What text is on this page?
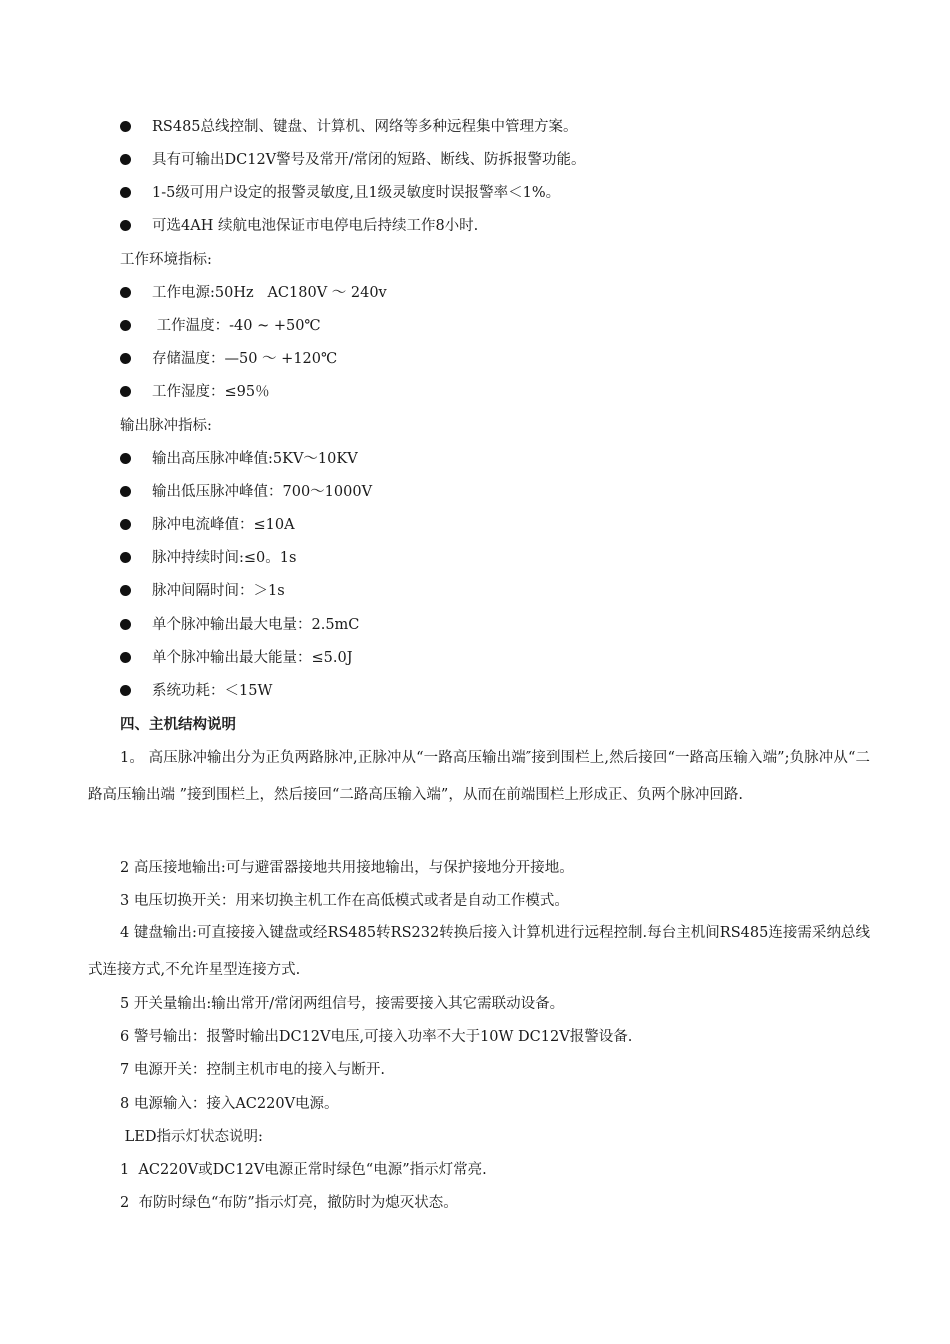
RS485总线控制、键盘、计算机、网络等多种远程集中管理方案。
具有可输出DC12V警号及常开/常闭的短路、断线、防拆报警功能。
1-5级可用户设定的报警灵敏度,且1级灵敏度时误报警率＜1%。
可选4AH 续航电池保证市电停电后持续工作8小时.
工作环境指标:
工作电源:50Hz   AC180V ～ 240v
工作温度：-40 ~ +50℃
存储温度：—50 ～ +120℃
工作湿度：≤95％
输出脉冲指标:
输出高压脉冲峰值:5KV～10KV
输出低压脉冲峰值：700～1000V
脉冲电流峰值：≤10A
脉冲持续时间:≤0。1s
脉冲间隔时间：＞1s
单个脉冲输出最大电量：2.5mC
单个脉冲输出最大能量：≤5.0J
系统功耗：＜15W
四、主机结构说明
1。 高压脉冲输出分为正负两路脉冲,正脉冲从“一路高压输出端″接到围栏上,然后接回“一路高压输入端”;负脉冲从“二路高压输出端 ”接到围栏上，然后接回“二路高压输入端”，从而在前端围栏上形成正、负两个脉冲回路.
2 高压接地输出:可与避雷器接地共用接地输出，与保护接地分开接地。
3 电压切换开关：用来切换主机工作在高低模式或者是自动工作模式。
4 键盘输出:可直接接入键盘或经RS485转RS232转换后接入计算机进行远程控制.每台主机间RS485连接需采纳总线式连接方式,不允许星型连接方式.
5 开关量输出:输出常开/常闭两组信号，接需要接入其它需联动设备。
6 警号输出：报警时输出DC12V电压,可接入功率不大于10W DC12V报警设备.
7 电源开关：控制主机市电的接入与断开.
8 电源输入：接入AC220V电源。
LED指示灯状态说明:
1  AC220V或DC12V电源正常时绿色“电源”指示灯常亮.
2  布防时绿色“布防”指示灯亮，撤防时为熄灭状态。
